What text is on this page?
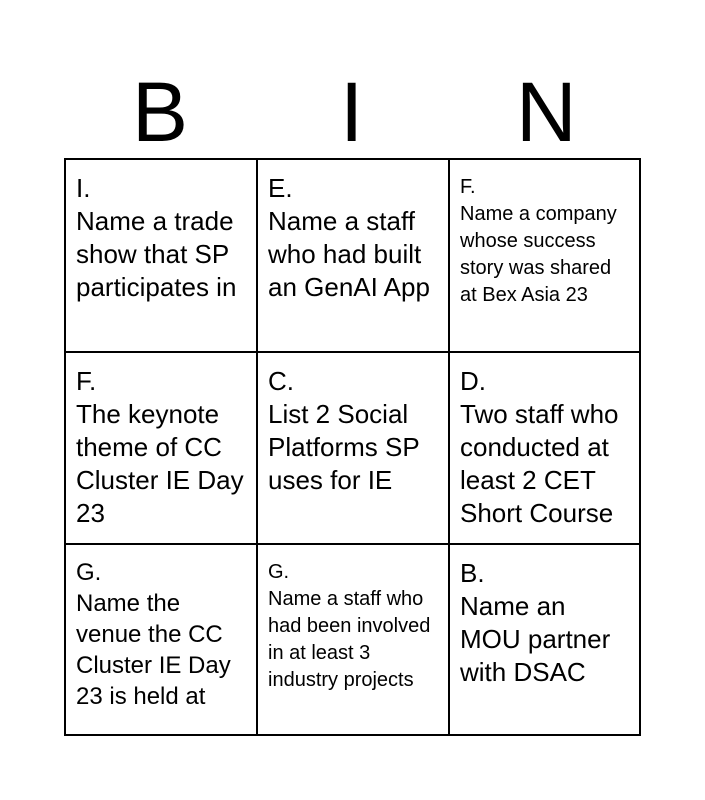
B I N
I.
Name a trade show that SP participates in
E.
Name a staff who had built an GenAI App
F.
Name a company whose success story was shared at Bex Asia 23
F.
The keynote theme of CC Cluster IE Day 23
C.
List 2 Social Platforms SP uses for IE
D.
Two staff who conducted at least 2 CET Short Course
G.
Name the venue the CC Cluster IE Day 23 is held at
G.
Name a staff who had been involved in at least 3 industry projects
B.
Name an MOU partner with DSAC
